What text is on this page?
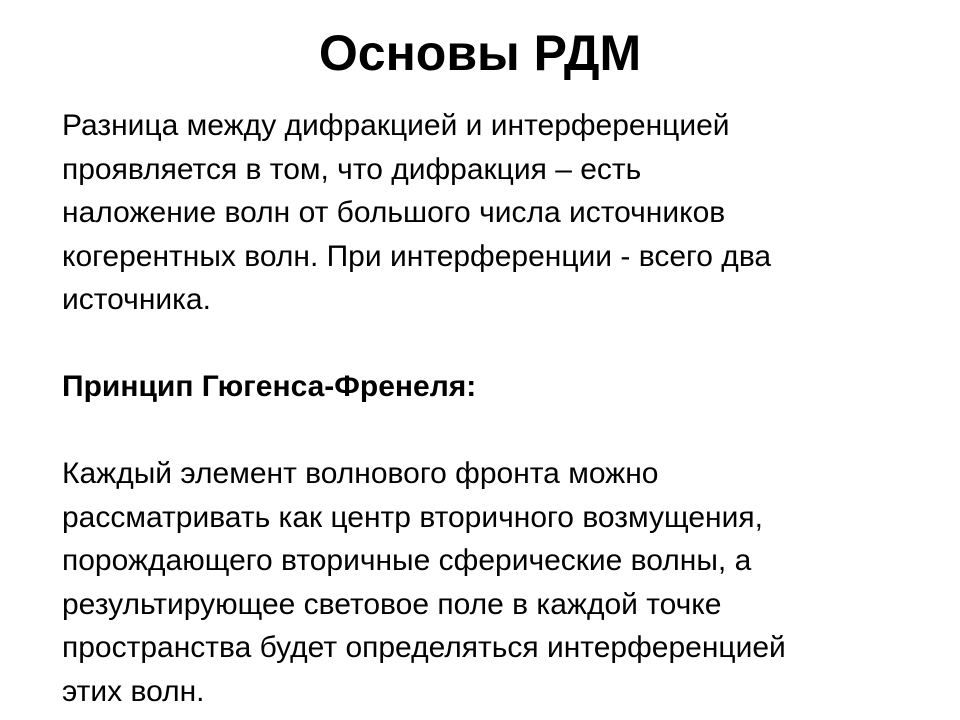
Основы РДМ

Разница между дифракцией и интерференцией
проявляется в том, что дифракция – есть
наложение волн от большого числа источников
когерентных волн. При интерференции - всего два
источника.

Принцип Гюгенса-Френеля:

Каждый элемент волнового фронта можно
рассматривать как центр вторичного возмущения,
порождающего вторичные сферические волны, а
результирующее световое поле в каждой точке
пространства будет определяться интерференцией
этих волн.
